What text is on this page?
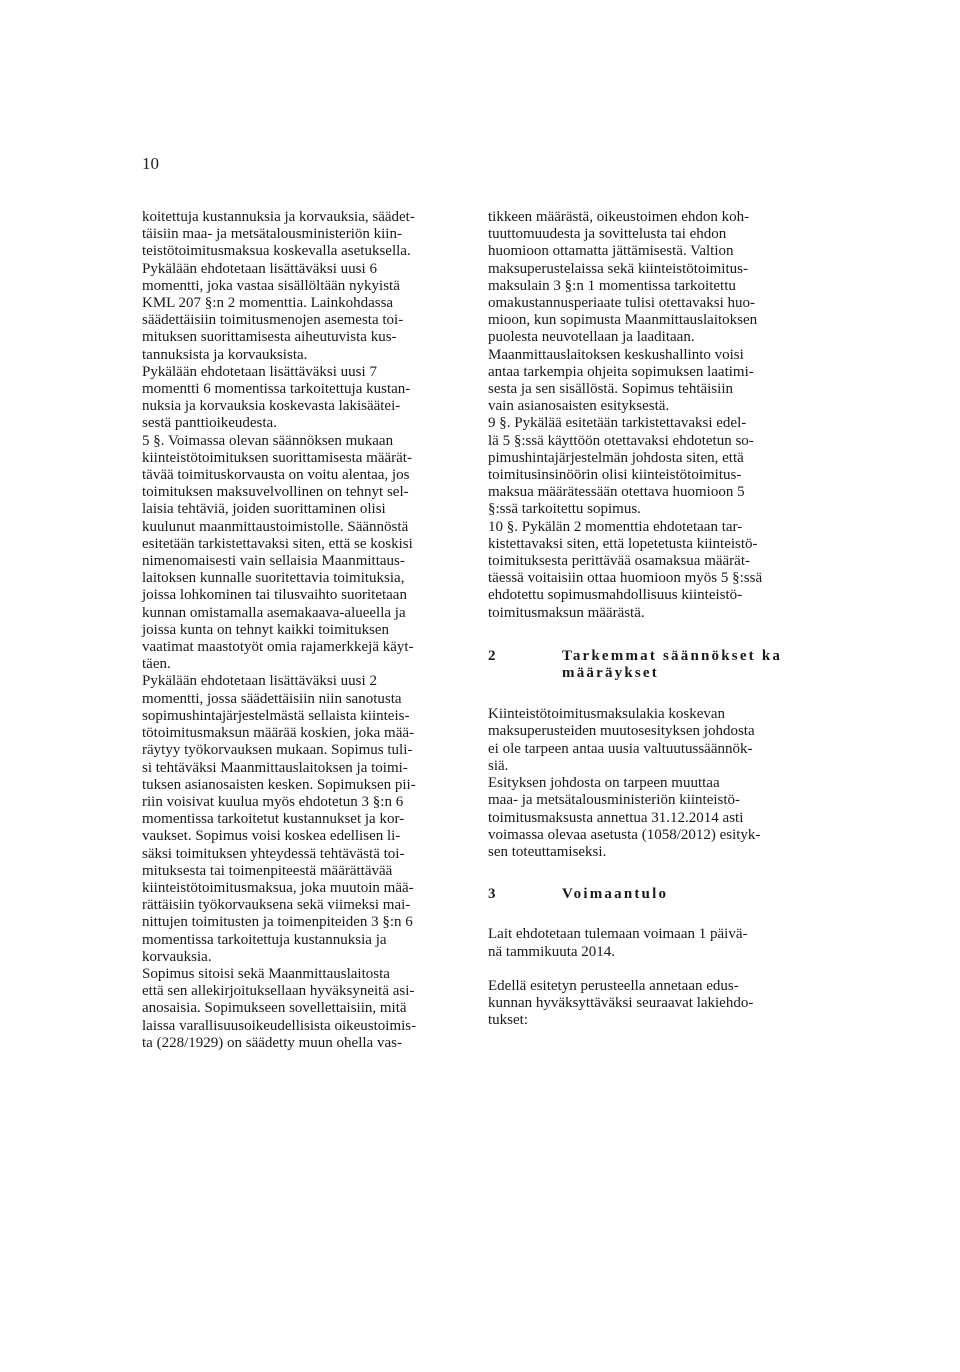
10

koitettuja kustannuksia ja korvauksia, säädet-
täisiin maa- ja metsätalousministeriön kiin-
teistötoimitusmaksua koskevalla asetuksella.
Pykälään ehdotetaan lisättäväksi uusi 6
momentti, joka vastaa sisällöltään nykyistä
KML 207 §:n 2 momenttia. Lainkohdassa
säädettäisiin toimitusmenojen asemesta toi-
mituksen suorittamisesta aiheutuvista kus-
tannuksista ja korvauksista.
Pykälään ehdotetaan lisättäväksi uusi 7
momentti 6 momentissa tarkoitettuja kustan-
nuksia ja korvauksia koskevasta lakisäätei-
sestä panttioikeudesta.
5 §. Voimassa olevan säännöksen mukaan
kiinteistötoimituksen suorittamisesta määrät-
tävää toimituskorvausta on voitu alentaa, jos
toimituksen maksuvelvollinen on tehnyt sel-
laisia tehtäviä, joiden suorittaminen olisi
kuulunut maanmittaustoimistolle. Säännöstä
esitetään tarkistettavaksi siten, että se koskisi
nimenomaisesti vain sellaisia Maanmittaus-
laitoksen kunnalle suoritettavia toimituksia,
joissa lohkominen tai tilusvaihto suoritetaan
kunnan omistamalla asemakaava-alueella ja
joissa kunta on tehnyt kaikki toimituksen
vaatimat maastotyöt omia rajamerkkejä käyt-
täen.
Pykälään ehdotetaan lisättäväksi uusi 2
momentti, jossa säädettäisiin niin sanotusta
sopimushintajärjestelmästä sellaista kiinteis-
tötoimitusmaksun määrää koskien, joka mää-
räytyy työkorvauksen mukaan. Sopimus tuli-
si tehtäväksi Maanmittauslaitoksen ja toimi-
tuksen asianosaisten kesken. Sopimuksen pii-
riin voisivat kuulua myös ehdotetun 3 §:n 6
momentissa tarkoitetut kustannukset ja kor-
vaukset. Sopimus voisi koskea edellisen li-
säksi toimituksen yhteydessä tehtävästä toi-
mituksesta tai toimenpiteestä määrättävää
kiinteistötoimitusmaksua, joka muutoin mää-
rättäisiin työkorvauksena sekä viimeksi mai-
nittujen toimitusten ja toimenpiteiden 3 §:n 6
momentissa tarkoitettuja kustannuksia ja
korvauksia.
Sopimus sitoisi sekä Maanmittauslaitosta
että sen allekirjoituksellaan hyväksyneitä asi-
anosaisia. Sopimukseen sovellettaisiin, mitä
laissa varallisuusoikeudellisista oikeustoimis-
ta (228/1929) on säädetty muun ohella vas-

tikkeen määrästä, oikeustoimen ehdon koh-
tuuttomuudesta ja sovittelusta tai ehdon
huomioon ottamatta jättämisestä. Valtion
maksuperustelaissa sekä kiinteistötoimitus-
maksulain 3 §:n 1 momentissa tarkoitettu
omakustannusperiaate tulisi otettavaksi huo-
mioon, kun sopimusta Maanmittauslaitoksen
puolesta neuvotellaan ja laaditaan.
Maanmittauslaitoksen keskushallinto voisi
antaa tarkempia ohjeita sopimuksen laatimi-
sesta ja sen sisällöstä. Sopimus tehtäisiin
vain asianosaisten esityksestä.
9 §. Pykälää esitetään tarkistettavaksi edel-
lä 5 §:ssä käyttöön otettavaksi ehdotetun so-
pimushintajärjestelmän johdosta siten, että
toimitusinsinöörin olisi kiinteistötoimitus-
maksua määrätessään otettava huomioon 5
§:ssä tarkoitettu sopimus.
10 §. Pykälän 2 momenttia ehdotetaan tar-
kistettavaksi siten, että lopetetusta kiinteistö-
toimituksesta perittävää osamaksua määrät-
täessä voitaisiin ottaa huomioon myös 5 §:ssä
ehdotettu sopimusmahdollisuus kiinteistö-
toimitusmaksun määrästä.

2	Tarkemmat säännökset ka
määräykset

Kiinteistötoimitusmaksulakia koskevan
maksuperusteiden muutosesityksen johdosta
ei ole tarpeen antaa uusia valtuutussäännök-
siä.
Esityksen johdosta on tarpeen muuttaa
maa- ja metsätalousministeriön kiinteistö-
toimitusmaksusta annettua 31.12.2014 asti
voimassa olevaa asetusta (1058/2012) esityk-
sen toteuttamiseksi.

3	Voimaantulo

Lait ehdotetaan tulemaan voimaan 1 päivä-
nä tammikuuta 2014.

Edellä esitetyn perusteella annetaan edus-
kunnan hyväksyttäväksi seuraavat lakiehdo-
tukset:
